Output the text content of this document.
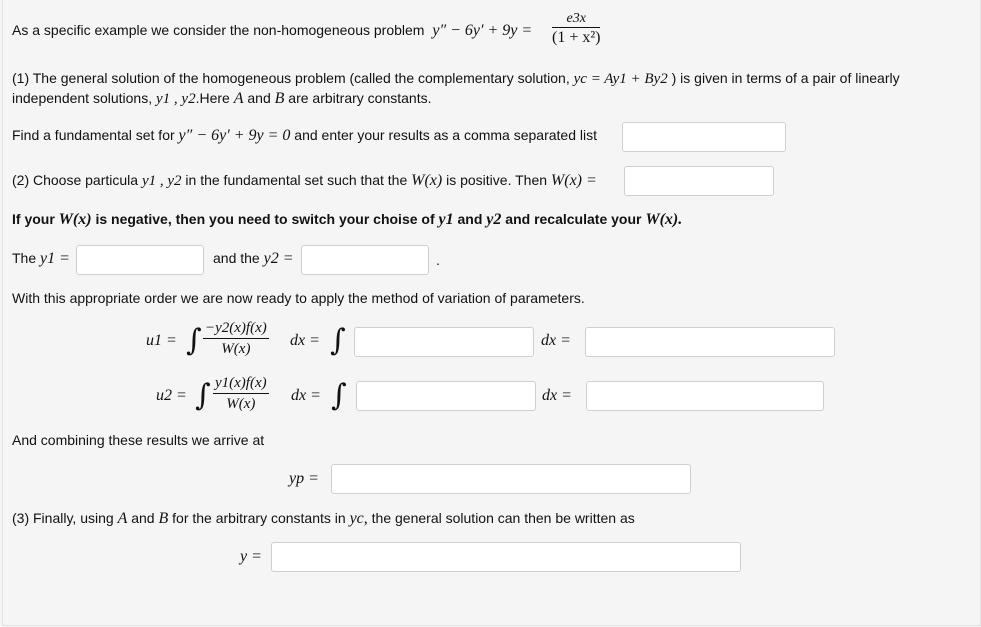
As a specific example we consider the non-homogeneous problem $y'' - 6y' + 9y = \frac{e3x}{\text{(1 + x²)}}$
(1) The general solution of the homogeneous problem (called the complementary solution, yc = Ay1 + By2 ) is given in terms of a pair of linearly
independent solutions, y1 , y2.Here A and B are arbitrary constants.
Find a fundamental set for y″ − 6y′ + 9y = 0 and enter your results as a comma separated list
(2) Choose particula y1 , y2 in the fundamental set such that the W(x) is positive. Then W(x) =
If your W(x) is negative, then you need to switch your choise of y1 and y2 and recalculate your W(x).
The y1 =	and the y2 =	.
With this appropriate order we are now ready to apply the method of variation of parameters.
u1 = ∫ $\frac{-y2(x)f(x)}{W(x)}$ dx = ∫	dx =
u2 = ∫ $\frac{y1(x)f(x)}{W(x)}$ dx = ∫	dx =
And combining these results we arrive at
yp =
(3) Finally, using A and B for the arbitrary constants in yc, the general solution can then be written as
y =
